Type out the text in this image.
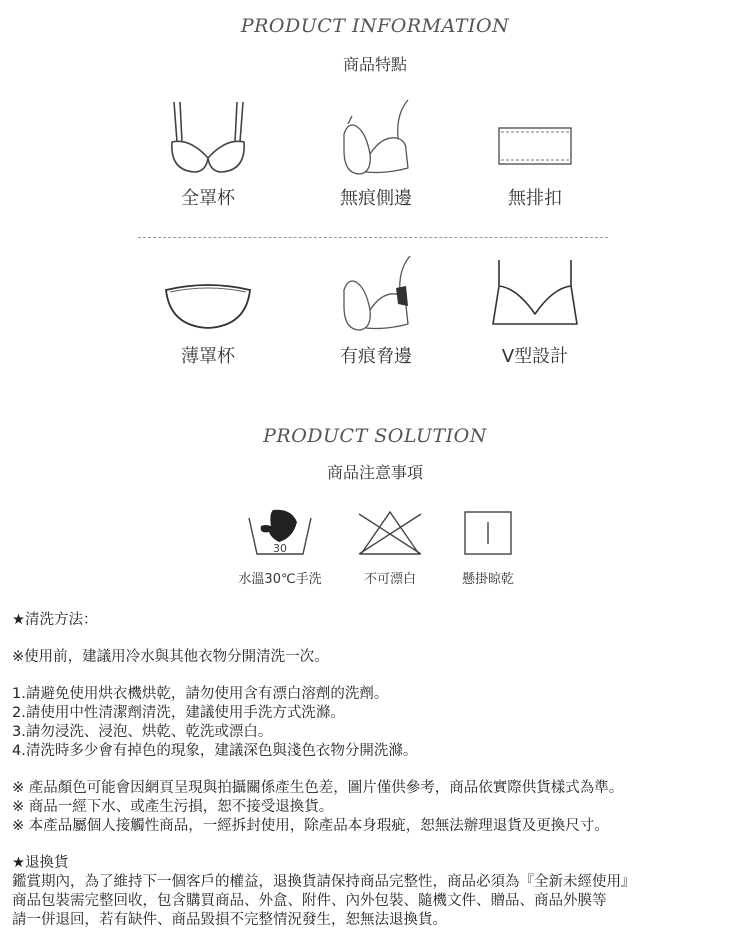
PRODUCT INFORMATION
商品特點
全罩杯	無痕側邊	無排扣
薄罩杯	有痕脅邊	V型設計
PRODUCT SOLUTION
商品注意事項
30
水溫30℃手洗	不可漂白	懸掛晾乾
★清洗方法：
※使用前，建議用冷水與其他衣物分開清洗一次。
1.請避免使用烘衣機烘乾，請勿使用含有漂白溶劑的洗劑。
2.請使用中性清潔劑清洗，建議使用手洗方式洗滌。
3.請勿浸洗、浸泡、烘乾、乾洗或漂白。
4.清洗時多少會有掉色的現象，建議深色與淺色衣物分開洗滌。
※ 產品顏色可能會因網頁呈現與拍攝關係產生色差，圖片僅供參考，商品依實際供貨樣式為準。
※ 商品一經下水、或產生污損，恕不接受退換貨。
※ 本產品屬個人接觸性商品，一經拆封使用，除產品本身瑕疵，恕無法辦理退貨及更換尺寸。
★退換貨
鑑賞期內，為了維持下一個客戶的權益，退換貨請保持商品完整性，商品必須為『全新未經使用』
商品包裝需完整回收，包含購買商品、外盒、附件、內外包裝、隨機文件、贈品、商品外膜等
請一併退回，若有缺件、商品毀損不完整情況發生，恕無法退換貨。
